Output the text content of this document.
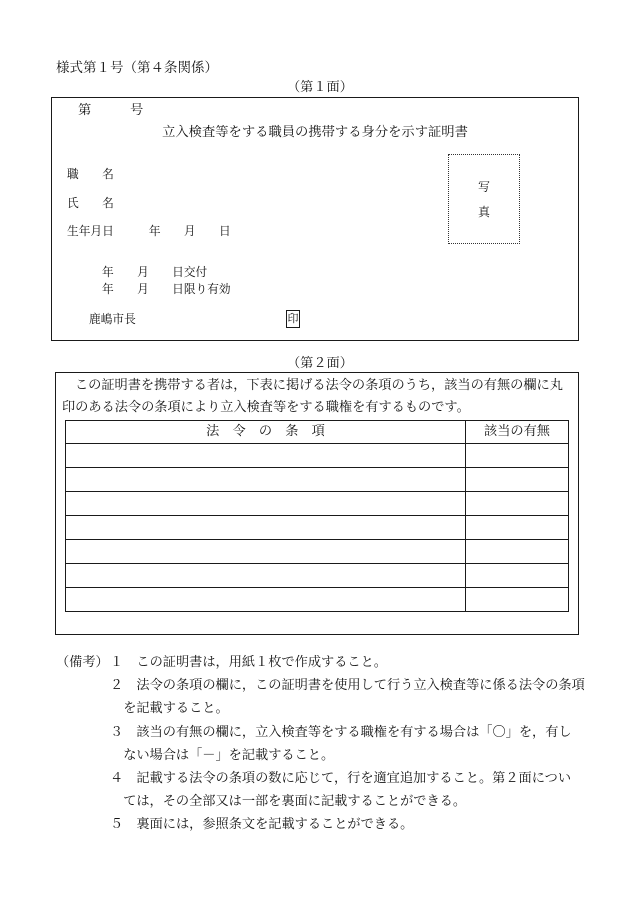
様式第１号（第４条関係）
（第１面）
第	号
立入検査等をする職員の携帯する身分を示す証明書
写
真
職　　名
氏　　名
生年月日　　　年　　月　　日
年　　月　　日交付
年　　月　　日限り有効
鹿嶋市長	印
（第２面）
この証明書を携帯する者は，下表に掲げる法令の条項のうち，該当の有無の欄に丸
印のある法令の条項により立入検査等をする職権を有するものです。
法　令　の　条　項	該当の有無
（備考） １ この証明書は，用紙１枚で作成すること。
２ 法令の条項の欄に，この証明書を使用して行う立入検査等に係る法令の条項
を記載すること。
３ 該当の有無の欄に，立入検査等をする職権を有する場合は「〇」を，有し
ない場合は「－」を記載すること。
４ 記載する法令の条項の数に応じて，行を適宜追加すること。第２面につい
ては，その全部又は一部を裏面に記載することができる。
５ 裏面には，参照条文を記載することができる。
